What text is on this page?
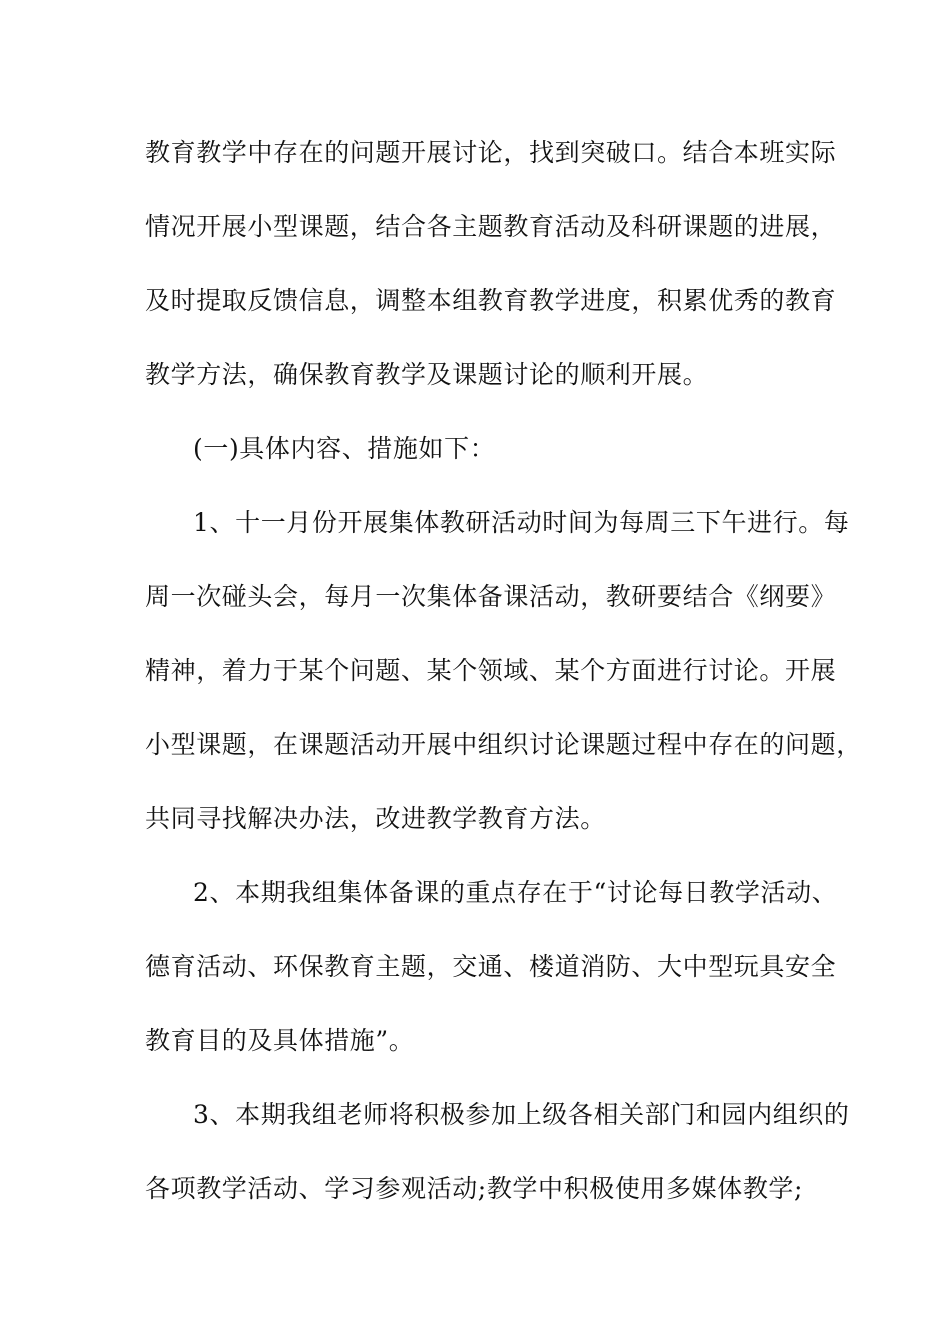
教育教学中存在的问题开展讨论，找到突破口。结合本班实际
情况开展小型课题，结合各主题教育活动及科研课题的进展，
及时提取反馈信息，调整本组教育教学进度，积累优秀的教育
教学方法，确保教育教学及课题讨论的顺利开展。
(一)具体内容、措施如下：
1、十一月份开展集体教研活动时间为每周三下午进行。每
周一次碰头会，每月一次集体备课活动，教研要结合《纲要》
精神，着力于某个问题、某个领域、某个方面进行讨论。开展
小型课题，在课题活动开展中组织讨论课题过程中存在的问题，
共同寻找解决办法，改进教学教育方法。
2、本期我组集体备课的重点存在于“讨论每日教学活动、
德育活动、环保教育主题，交通、楼道消防、大中型玩具安全
教育目的及具体措施”。
3、本期我组老师将积极参加上级各相关部门和园内组织的
各项教学活动、学习参观活动;教学中积极使用多媒体教学;
